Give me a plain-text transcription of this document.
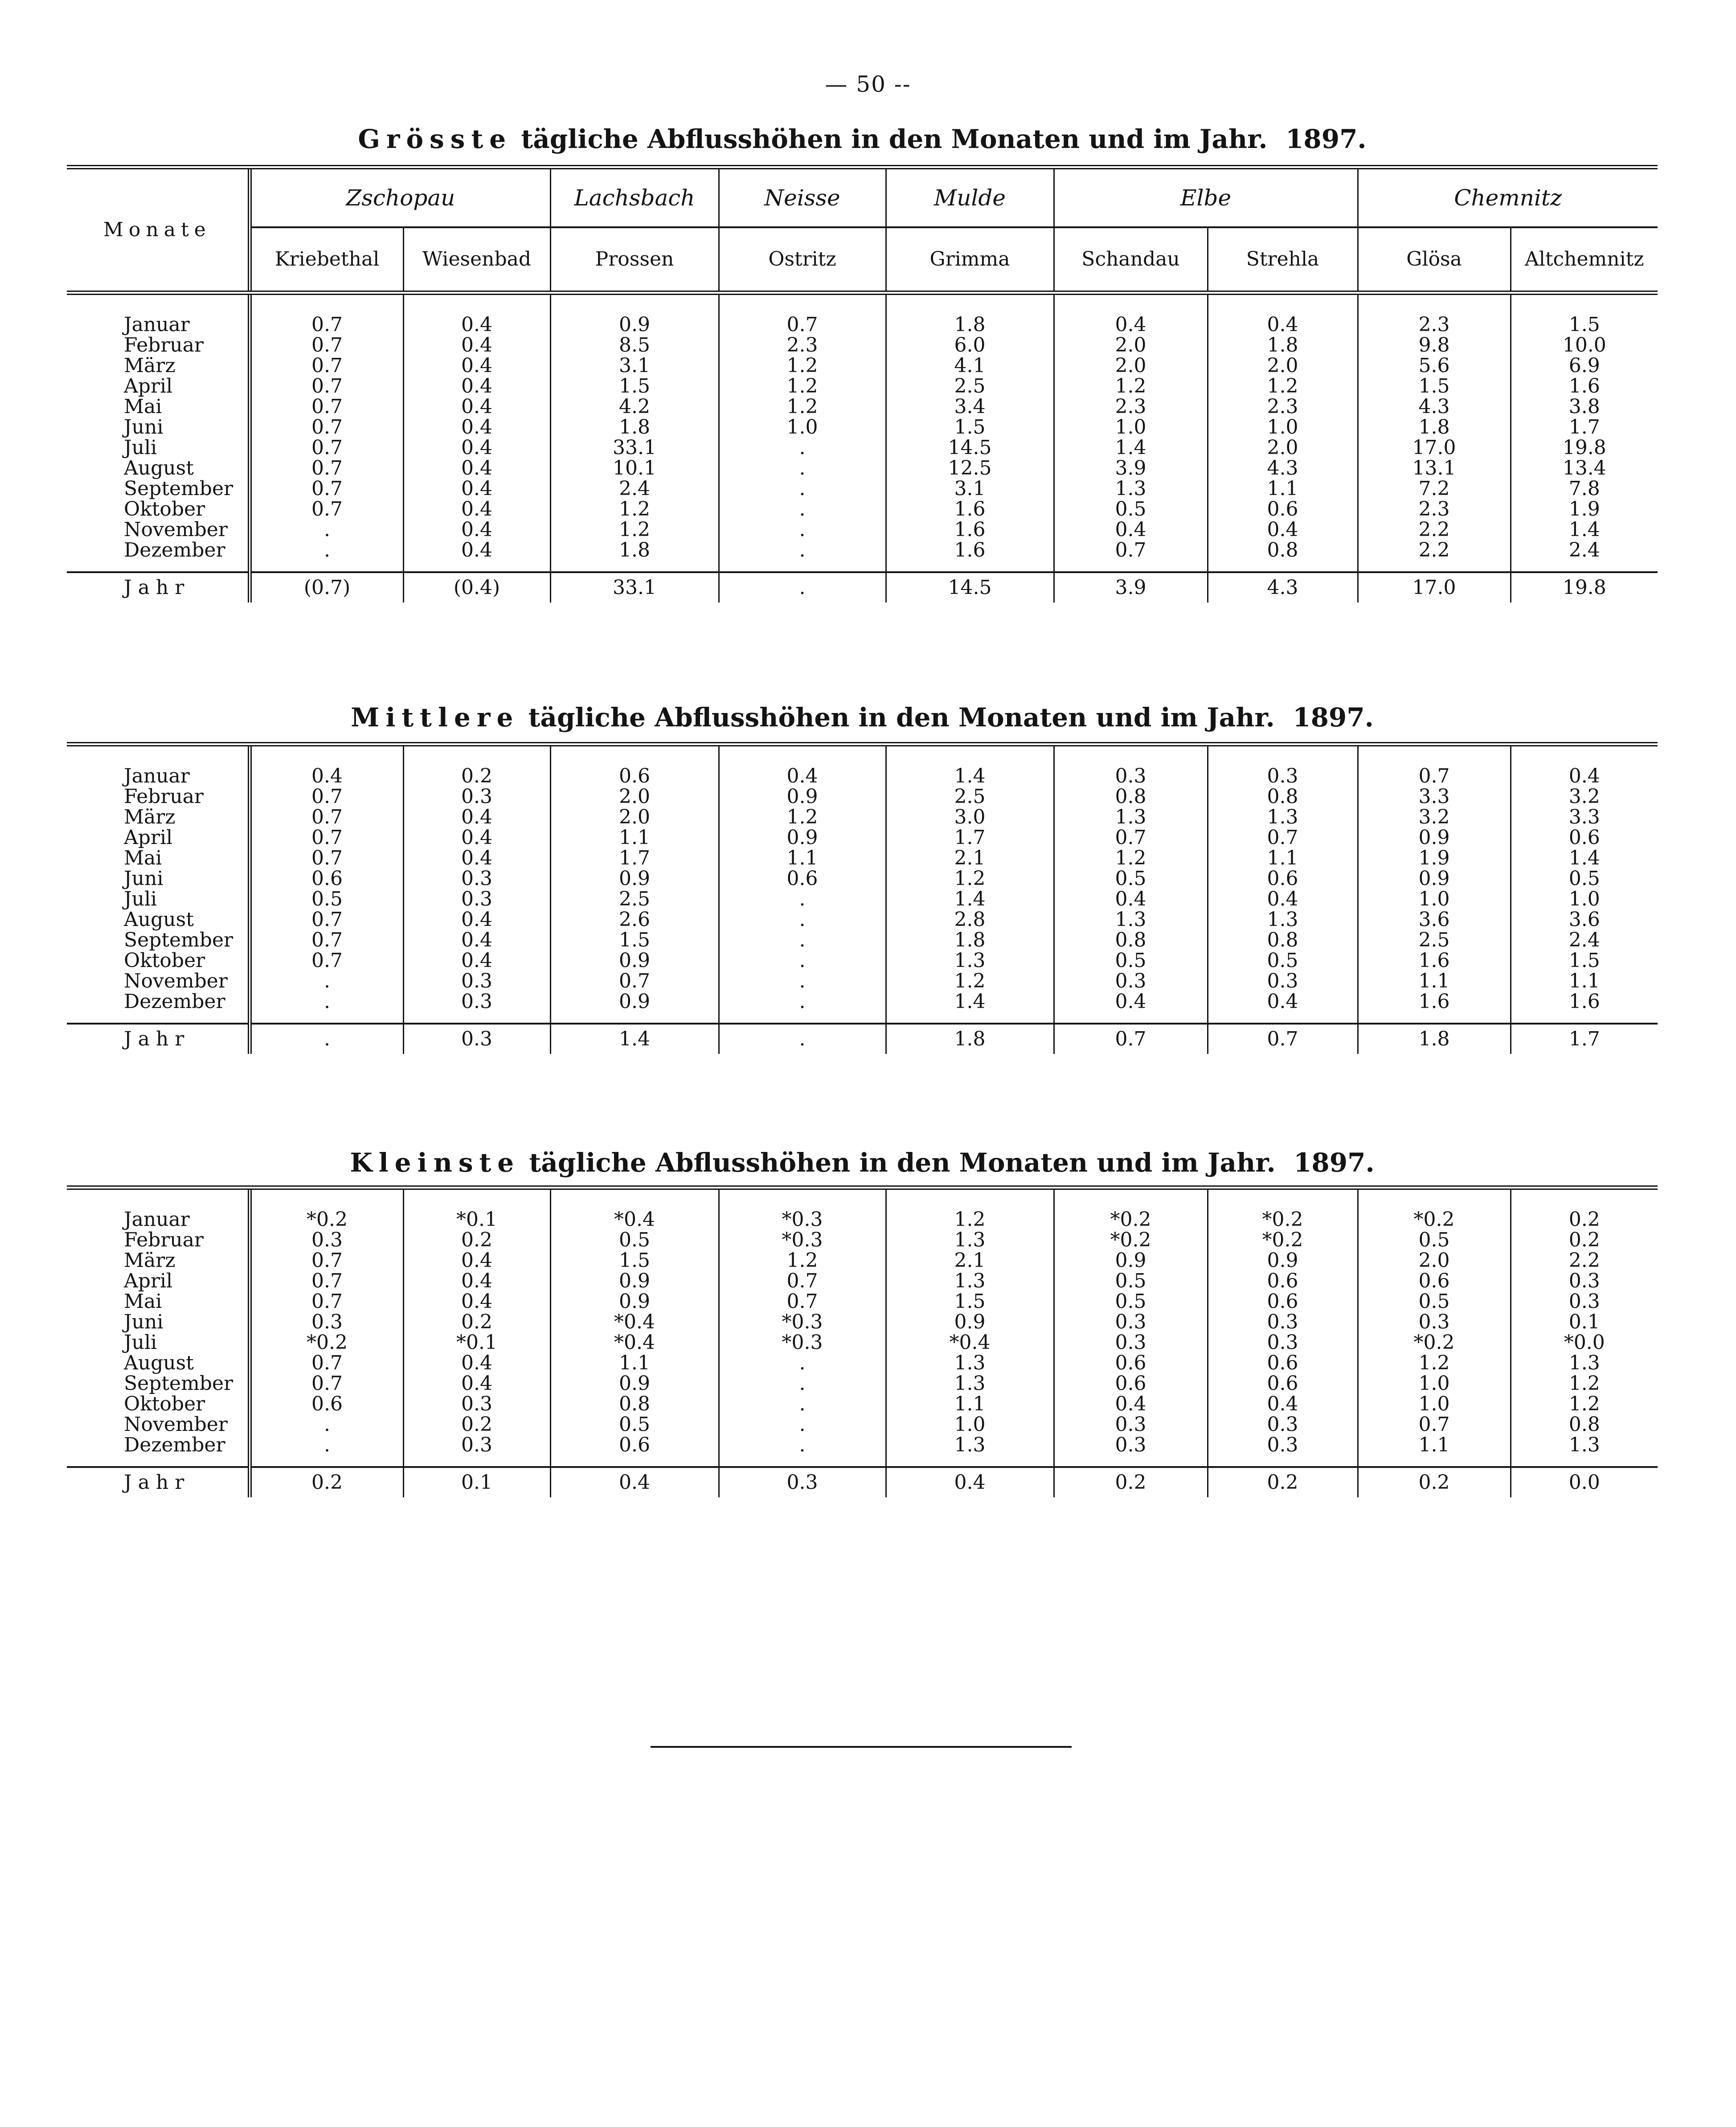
— 50 --
Grösste tägliche Abflusshöhen in den Monaten und im Jahr. 1897.
Monate	Zschopau		Lachsbach	Neisse	Mulde	Elbe		Chemnitz	
	Kriebethal	Wiesenbad	Prossen	Ostritz	Grimma	Schandau	Strehla	Glösa	Altchemnitz
Januar	0.7	0.4	0.9	0.7	1.8	0.4	0.4	2.3	1.5
Februar	0.7	0.4	8.5	2.3	6.0	2.0	1.8	9.8	10.0
März	0.7	0.4	3.1	1.2	4.1	2.0	2.0	5.6	6.9
April	0.7	0.4	1.5	1.2	2.5	1.2	1.2	1.5	1.6
Mai	0.7	0.4	4.2	1.2	3.4	2.3	2.3	4.3	3.8
Juni	0.7	0.4	1.8	1.0	1.5	1.0	1.0	1.8	1.7
Juli	0.7	0.4	33.1	.	14.5	1.4	2.0	17.0	19.8
August	0.7	0.4	10.1	.	12.5	3.9	4.3	13.1	13.4
September	0.7	0.4	2.4	.	3.1	1.3	1.1	7.2	7.8
Oktober	0.7	0.4	1.2	.	1.6	0.5	0.6	2.3	1.9
November	.	0.4	1.2	.	1.6	0.4	0.4	2.2	1.4
Dezember	.	0.4	1.8	.	1.6	0.7	0.8	2.2	2.4
Jahr	(0.7)	(0.4)	33.1	.	14.5	3.9	4.3	17.0	19.8
Mittlere tägliche Abflusshöhen in den Monaten und im Jahr. 1897.
Januar	0.4	0.2	0.6	0.4	1.4	0.3	0.3	0.7	0.4
Februar	0.7	0.3	2.0	0.9	2.5	0.8	0.8	3.3	3.2
März	0.7	0.4	2.0	1.2	3.0	1.3	1.3	3.2	3.3
April	0.7	0.4	1.1	0.9	1.7	0.7	0.7	0.9	0.6
Mai	0.7	0.4	1.7	1.1	2.1	1.2	1.1	1.9	1.4
Juni	0.6	0.3	0.9	0.6	1.2	0.5	0.6	0.9	0.5
Juli	0.5	0.3	2.5	.	1.4	0.4	0.4	1.0	1.0
August	0.7	0.4	2.6	.	2.8	1.3	1.3	3.6	3.6
September	0.7	0.4	1.5	.	1.8	0.8	0.8	2.5	2.4
Oktober	0.7	0.4	0.9	.	1.3	0.5	0.5	1.6	1.5
November	.	0.3	0.7	.	1.2	0.3	0.3	1.1	1.1
Dezember	.	0.3	0.9	.	1.4	0.4	0.4	1.6	1.6
Jahr	.	0.3	1.4	.	1.8	0.7	0.7	1.8	1.7
Kleinste tägliche Abflusshöhen in den Monaten und im Jahr. 1897.
Januar	*0.2	*0.1	*0.4	*0.3	1.2	*0.2	*0.2	*0.2	0.2
Februar	0.3	0.2	0.5	*0.3	1.3	*0.2	*0.2	0.5	0.2
März	0.7	0.4	1.5	1.2	2.1	0.9	0.9	2.0	2.2
April	0.7	0.4	0.9	0.7	1.3	0.5	0.6	0.6	0.3
Mai	0.7	0.4	0.9	0.7	1.5	0.5	0.6	0.5	0.3
Juni	0.3	0.2	*0.4	*0.3	0.9	0.3	0.3	0.3	0.1
Juli	*0.2	*0.1	*0.4	*0.3	*0.4	0.3	0.3	*0.2	*0.0
August	0.7	0.4	1.1	.	1.3	0.6	0.6	1.2	1.3
September	0.7	0.4	0.9	.	1.3	0.6	0.6	1.0	1.2
Oktober	0.6	0.3	0.8	.	1.1	0.4	0.4	1.0	1.2
November	.	0.2	0.5	.	1.0	0.3	0.3	0.7	0.8
Dezember	.	0.3	0.6	.	1.3	0.3	0.3	1.1	1.3
Jahr	0.2	0.1	0.4	0.3	0.4	0.2	0.2	0.2	0.0
